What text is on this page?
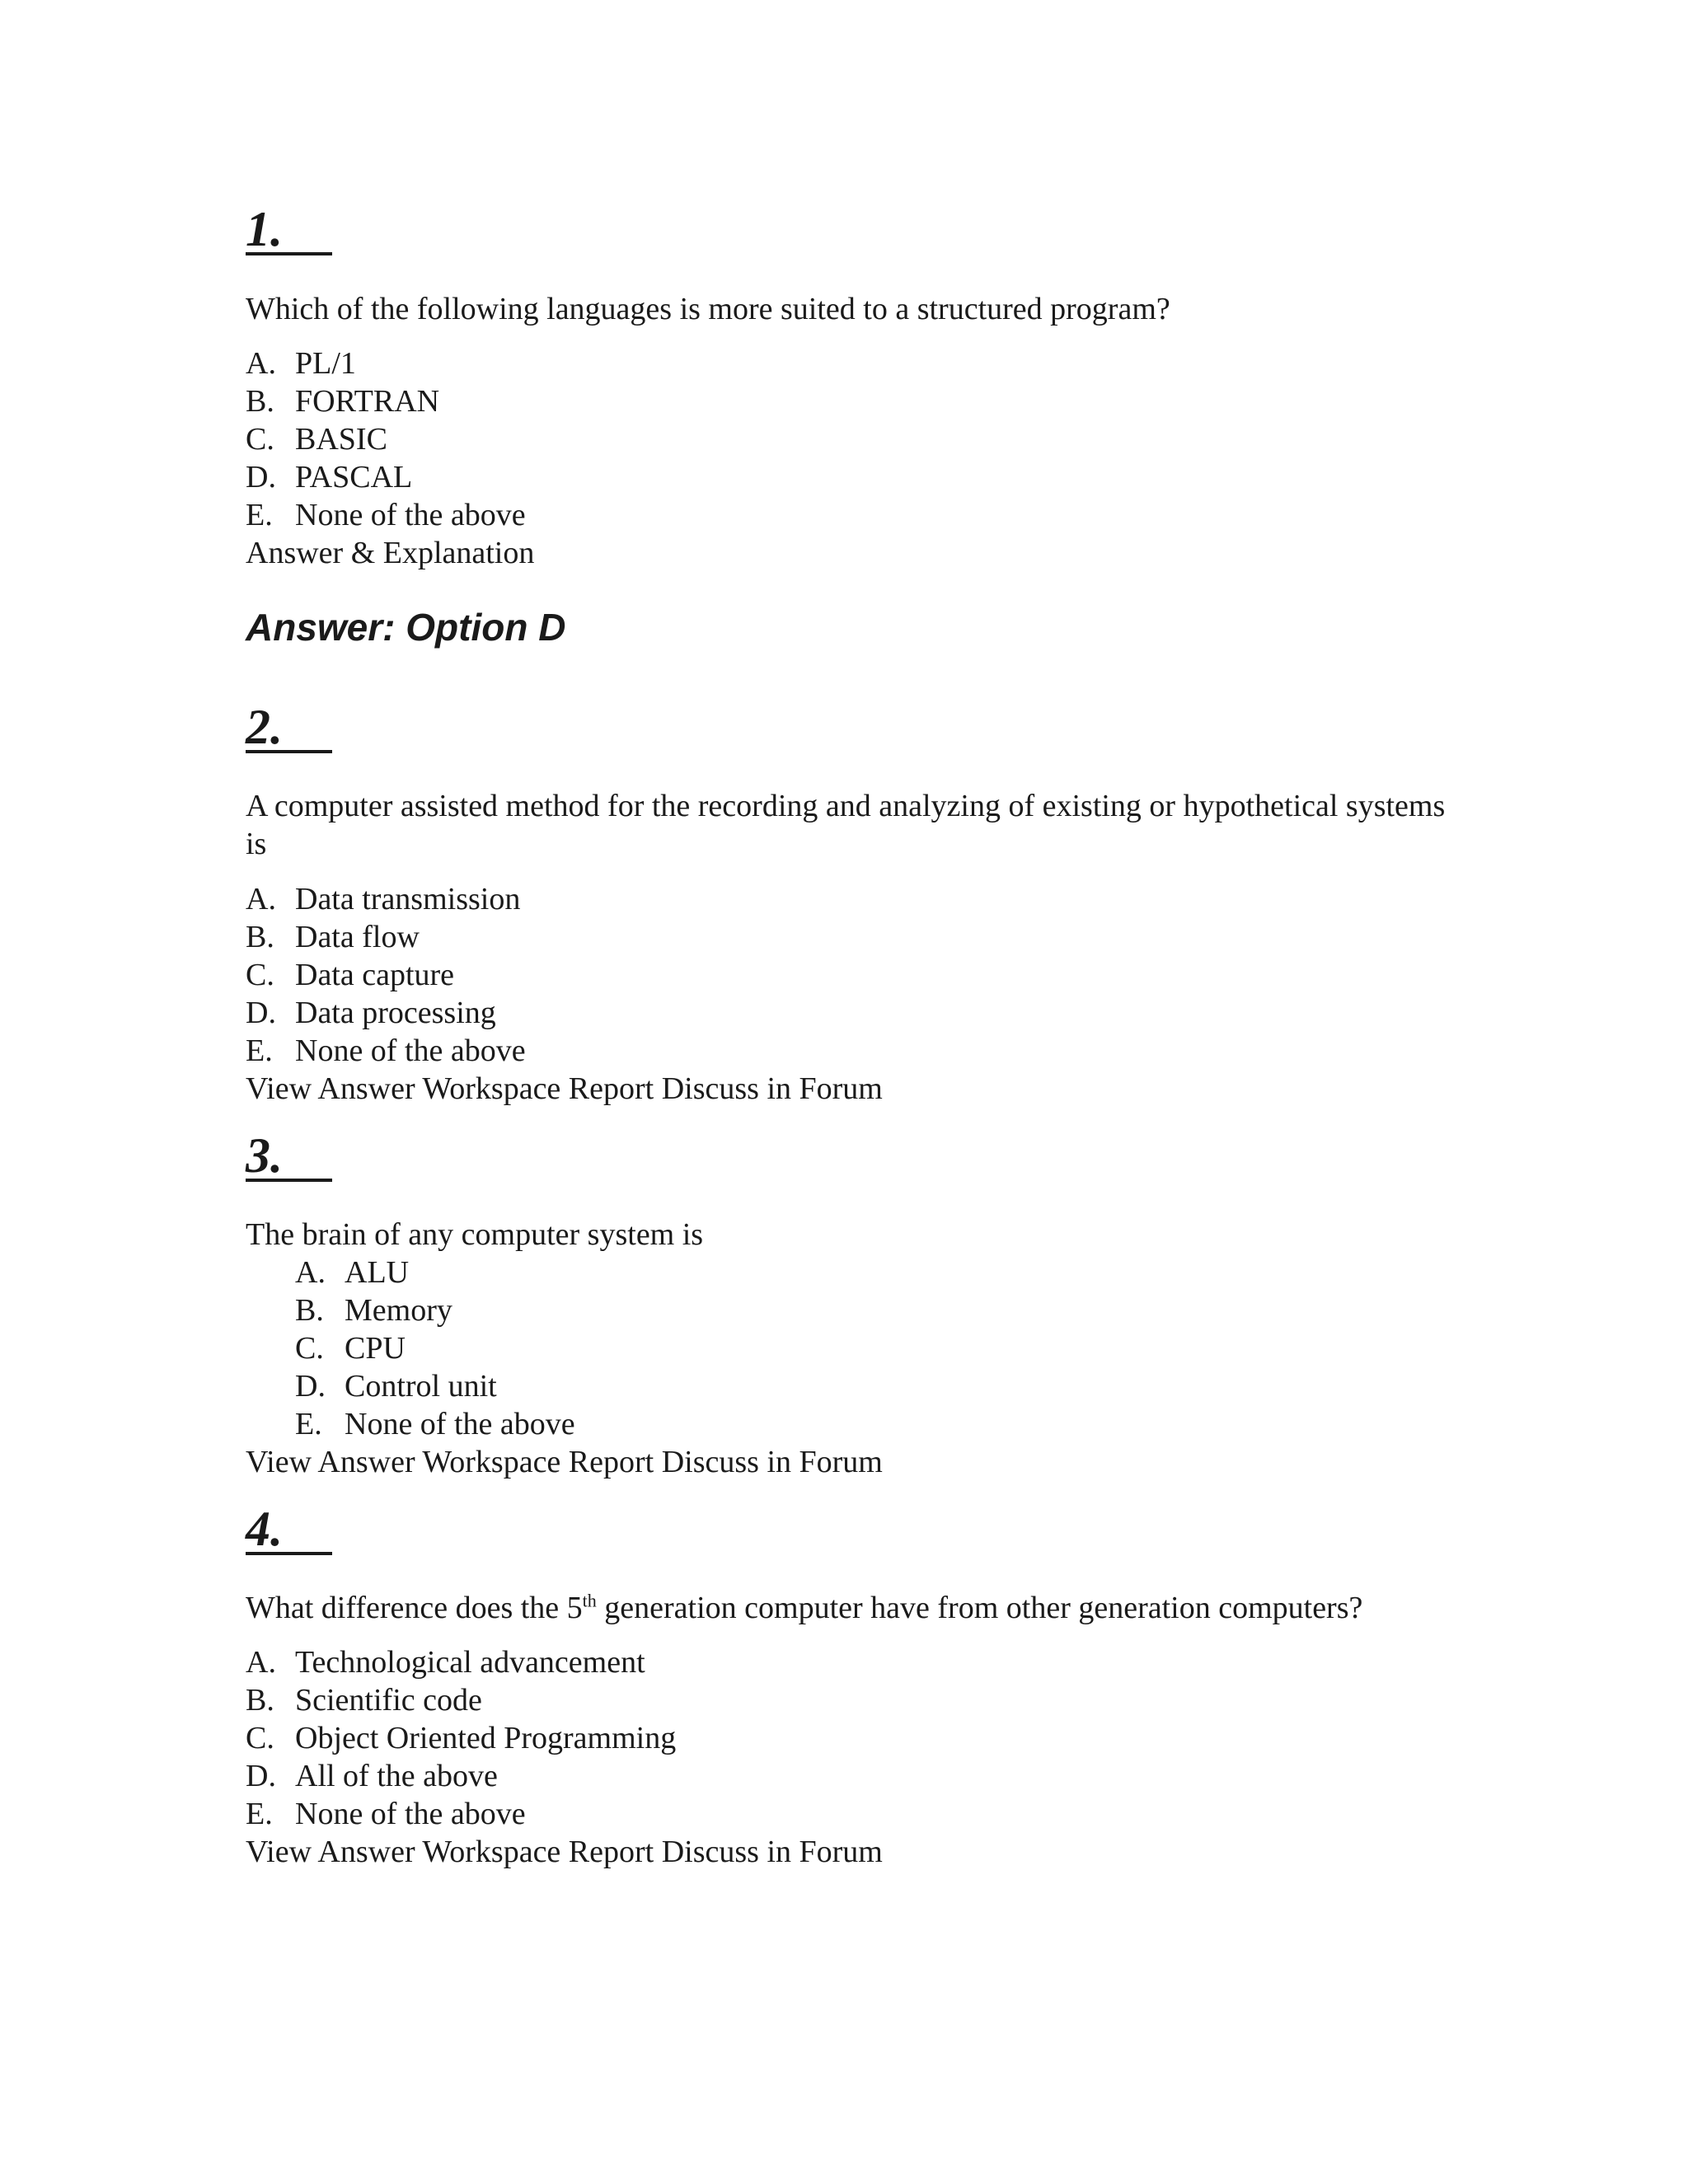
1.

Which of the following languages is more suited to a structured program?

A. PL/1
B. FORTRAN
C. BASIC
D. PASCAL
E. None of the above
Answer & Explanation
Answer: Option D
2.

A computer assisted method for the recording and analyzing of existing or hypothetical systems is

A. Data transmission
B. Data flow
C. Data capture
D. Data processing
E. None of the above
View Answer Workspace Report Discuss in Forum
3.

The brain of any computer system is

A. ALU
B. Memory
C. CPU
D. Control unit
E. None of the above
View Answer Workspace Report Discuss in Forum
4.

What difference does the 5th generation computer have from other generation computers?

A. Technological advancement
B. Scientific code
C. Object Oriented Programming
D. All of the above
E. None of the above
View Answer Workspace Report Discuss in Forum
